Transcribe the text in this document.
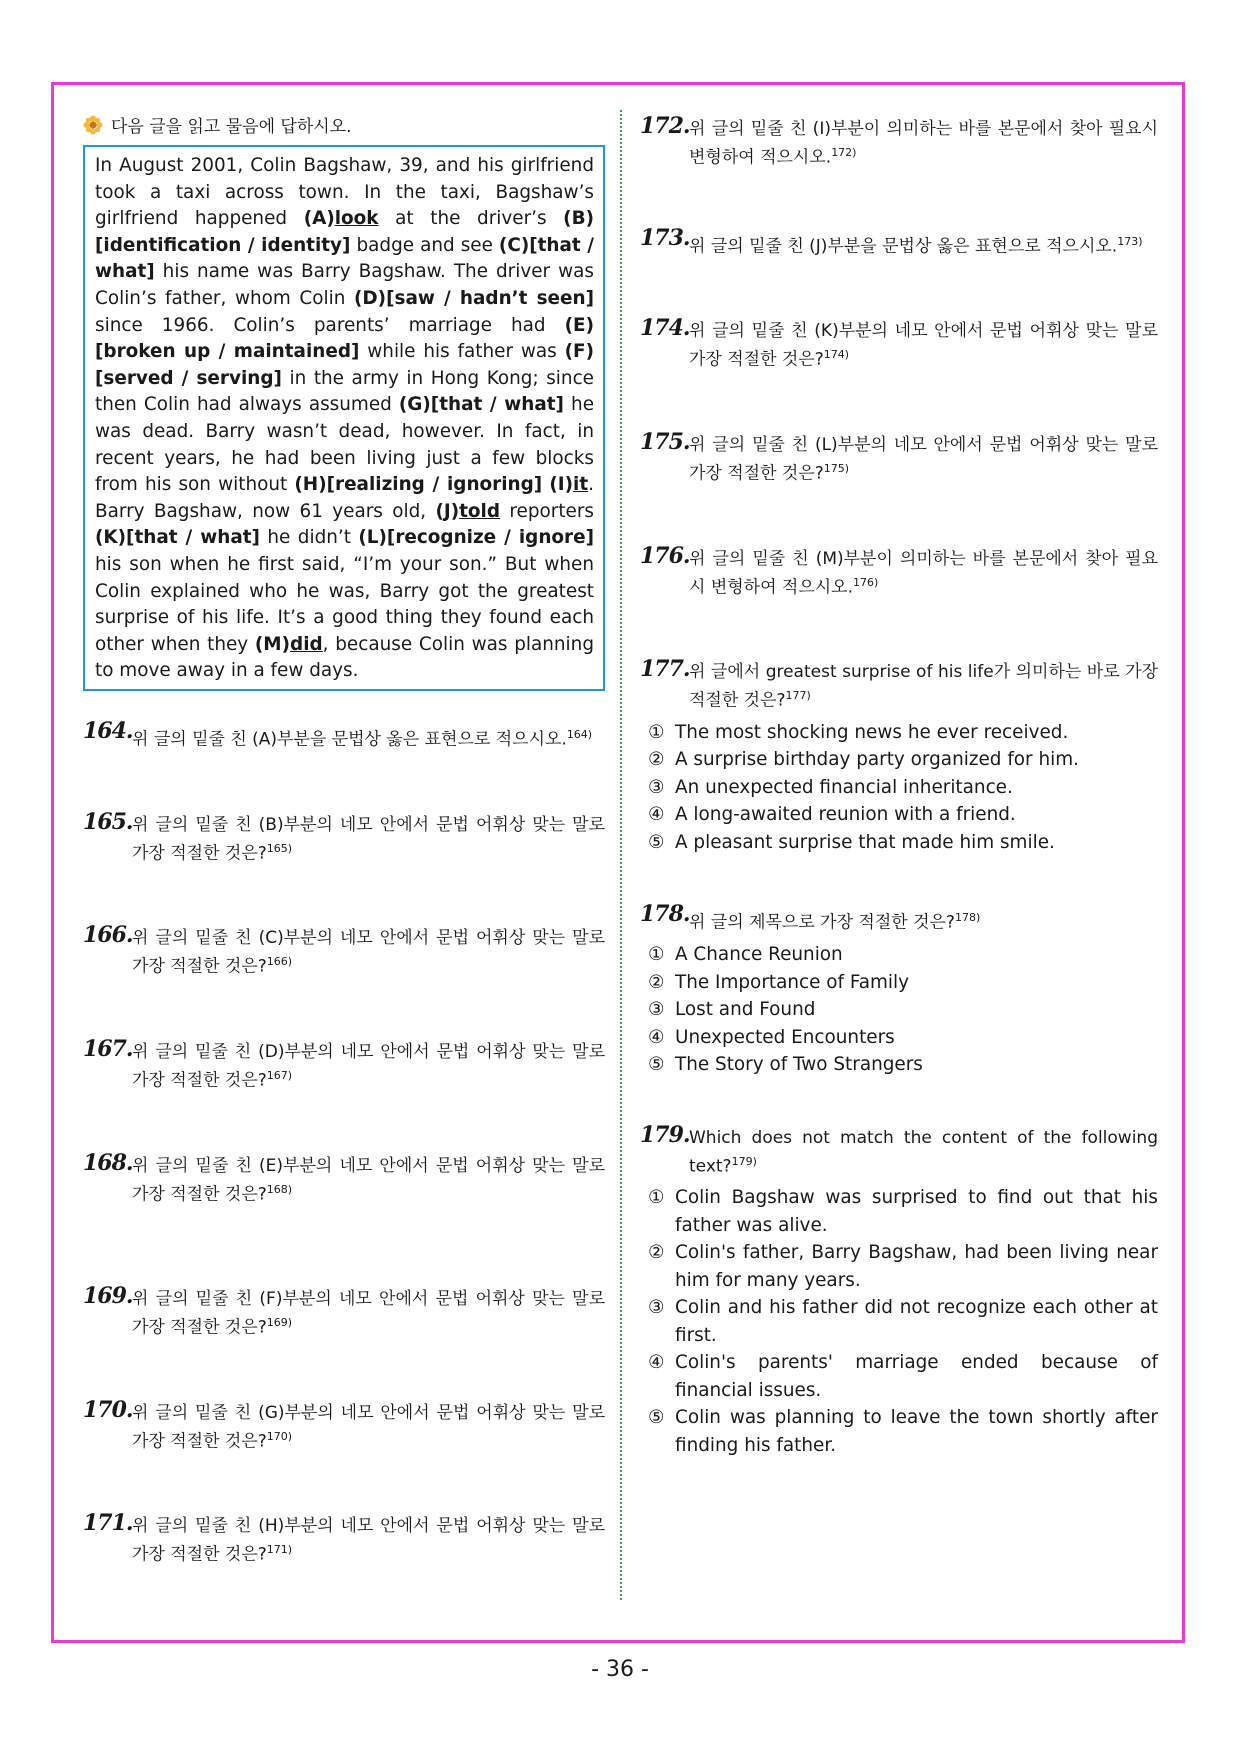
다음 글을 읽고 물음에 답하시오.
In August 2001, Colin Bagshaw, 39, and his girlfriend took a taxi across town. In the taxi, Bagshaw’s girlfriend happened (A)look at the driver’s (B)[identification / identity] badge and see (C)[that / what] his name was Barry Bagshaw. The driver was Colin’s father, whom Colin (D)[saw / hadn’t seen] since 1966. Colin’s parents’ marriage had (E)[broken up / maintained] while his father was (F)[served / serving] in the army in Hong Kong; since then Colin had always assumed (G)[that / what] he was dead. Barry wasn’t dead, however. In fact, in recent years, he had been living just a few blocks from his son without (H)[realizing / ignoring] (I)it. Barry Bagshaw, now 61 years old, (J)told reporters (K)[that / what] he didn’t (L)[recognize / ignore] his son when he first said, “I’m your son.” But when Colin explained who he was, Barry got the greatest surprise of his life. It’s a good thing they found each other when they (M)did, because Colin was planning to move away in a few days.
164. 위 글의 밑줄 친 (A)부분을 문법상 옳은 표현으로 적으시오.$^{164)}$
165. 위 글의 밑줄 친 (B)부분의 네모 안에서 문법 어휘상 맞는 말로 가장 적절한 것은?$^{165)}$
166. 위 글의 밑줄 친 (C)부분의 네모 안에서 문법 어휘상 맞는 말로 가장 적절한 것은?$^{166)}$
167. 위 글의 밑줄 친 (D)부분의 네모 안에서 문법 어휘상 맞는 말로 가장 적절한 것은?$^{167)}$
168. 위 글의 밑줄 친 (E)부분의 네모 안에서 문법 어휘상 맞는 말로 가장 적절한 것은?$^{168)}$
169. 위 글의 밑줄 친 (F)부분의 네모 안에서 문법 어휘상 맞는 말로 가장 적절한 것은?$^{169)}$
170. 위 글의 밑줄 친 (G)부분의 네모 안에서 문법 어휘상 맞는 말로 가장 적절한 것은?$^{170)}$
171. 위 글의 밑줄 친 (H)부분의 네모 안에서 문법 어휘상 맞는 말로 가장 적절한 것은?$^{171)}$
172. 위 글의 밑줄 친 (I)부분이 의미하는 바를 본문에서 찾아 필요시 변형하여 적으시오.$^{172)}$
173. 위 글의 밑줄 친 (J)부분을 문법상 옳은 표현으로 적으시오.$^{173)}$
174. 위 글의 밑줄 친 (K)부분의 네모 안에서 문법 어휘상 맞는 말로 가장 적절한 것은?$^{174)}$
175. 위 글의 밑줄 친 (L)부분의 네모 안에서 문법 어휘상 맞는 말로 가장 적절한 것은?$^{175)}$
176. 위 글의 밑줄 친 (M)부분이 의미하는 바를 본문에서 찾아 필요시 변형하여 적으시오.$^{176)}$
177. 위 글에서 greatest surprise of his life가 의미하는 바로 가장 적절한 것은?$^{177)}$
① The most shocking news he ever received.
② A surprise birthday party organized for him.
③ An unexpected financial inheritance.
④ A long-awaited reunion with a friend.
⑤ A pleasant surprise that made him smile.
178. 위 글의 제목으로 가장 적절한 것은?$^{178)}$
① A Chance Reunion
② The Importance of Family
③ Lost and Found
④ Unexpected Encounters
⑤ The Story of Two Strangers
179. Which does not match the content of the following text?$^{179)}$
① Colin Bagshaw was surprised to find out that his father was alive.
② Colin's father, Barry Bagshaw, had been living near him for many years.
③ Colin and his father did not recognize each other at first.
④ Colin's parents' marriage ended because of financial issues.
⑤ Colin was planning to leave the town shortly after finding his father.
- 36 -
